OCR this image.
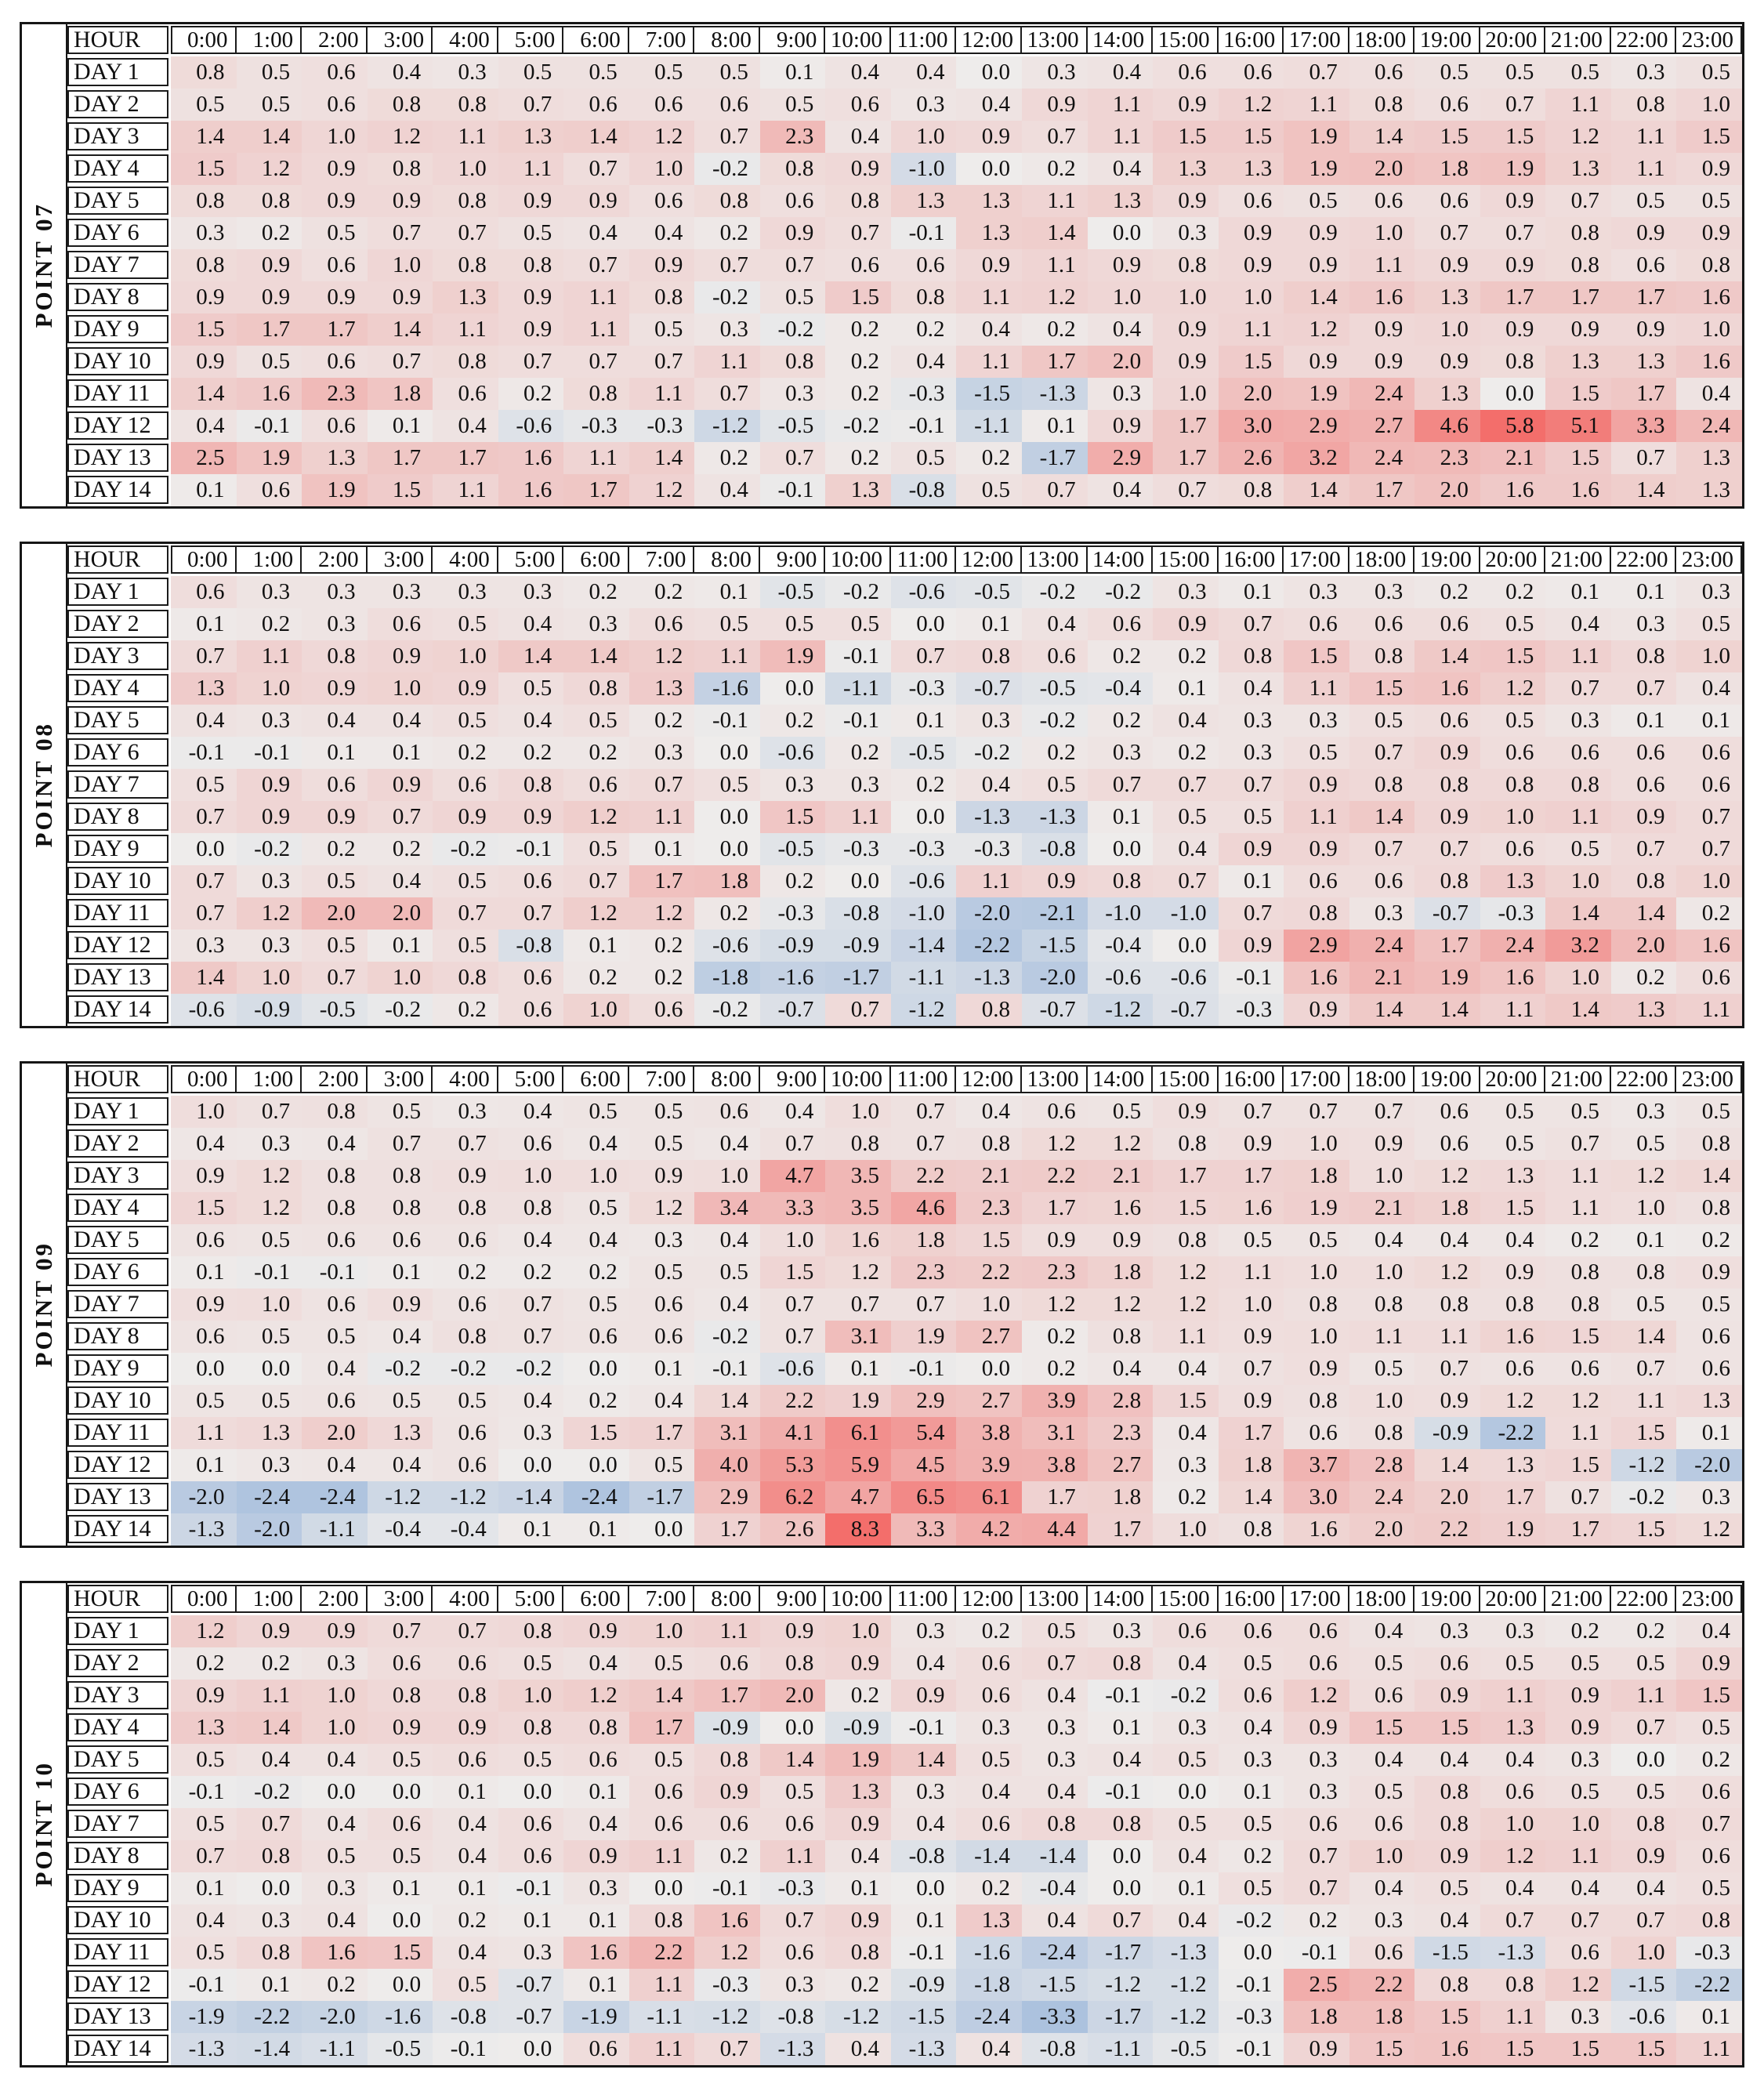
POINT 07
HOUR	0:00	1:00	2:00	3:00	4:00	5:00	6:00	7:00	8:00	9:00 10:00 11:00 12:00 13:00 14:00 15:00 16:00 17:00 18:00 19:00 20:00 21:00 22:00 23:00
DAY 1	0.8	0.5	0.6	0.4	0.3	0.5	0.5	0.5	0.5	0.1	0.4	0.4	0.0	0.3	0.4	0.6	0.6	0.7	0.6	0.5	0.5	0.5	0.3	0.5
DAY 2	0.5	0.5	0.6	0.8	0.8	0.7	0.6	0.6	0.6	0.5	0.6	0.3	0.4	0.9	1.1	0.9	1.2	1.1	0.8	0.6	0.7	1.1	0.8	1.0
DAY 3	1.4	1.4	1.0	1.2	1.1	1.3	1.4	1.2	0.7	2.3	0.4	1.0	0.9	0.7	1.1	1.5	1.5	1.9	1.4	1.5	1.5	1.2	1.1	1.5
DAY 4	1.5	1.2	0.9	0.8	1.0	1.1	0.7	1.0	-0.2	0.8	0.9	-1.0	0.0	0.2	0.4	1.3	1.3	1.9	2.0	1.8	1.9	1.3	1.1	0.9
DAY 5	0.8	0.8	0.9	0.9	0.8	0.9	0.9	0.6	0.8	0.6	0.8	1.3	1.3	1.1	1.3	0.9	0.6	0.5	0.6	0.6	0.9	0.7	0.5	0.5
DAY 6	0.3	0.2	0.5	0.7	0.7	0.5	0.4	0.4	0.2	0.9	0.7	-0.1	1.3	1.4	0.0	0.3	0.9	0.9	1.0	0.7	0.7	0.8	0.9	0.9
DAY 7	0.8	0.9	0.6	1.0	0.8	0.8	0.7	0.9	0.7	0.7	0.6	0.6	0.9	1.1	0.9	0.8	0.9	0.9	1.1	0.9	0.9	0.8	0.6	0.8
DAY 8	0.9	0.9	0.9	0.9	1.3	0.9	1.1	0.8	-0.2	0.5	1.5	0.8	1.1	1.2	1.0	1.0	1.0	1.4	1.6	1.3	1.7	1.7	1.7	1.6
DAY 9	1.5	1.7	1.7	1.4	1.1	0.9	1.1	0.5	0.3	-0.2	0.2	0.2	0.4	0.2	0.4	0.9	1.1	1.2	0.9	1.0	0.9	0.9	0.9	1.0
DAY 10	0.9	0.5	0.6	0.7	0.8	0.7	0.7	0.7	1.1	0.8	0.2	0.4	1.1	1.7	2.0	0.9	1.5	0.9	0.9	0.9	0.8	1.3	1.3	1.6
DAY 11	1.4	1.6	2.3	1.8	0.6	0.2	0.8	1.1	0.7	0.3	0.2	-0.3	-1.5	-1.3	0.3	1.0	2.0	1.9	2.4	1.3	0.0	1.5	1.7	0.4
DAY 12	0.4	-0.1	0.6	0.1	0.4	-0.6	-0.3	-0.3	-1.2	-0.5	-0.2	-0.1	-1.1	0.1	0.9	1.7	3.0	2.9	2.7	4.6	5.8	5.1	3.3	2.4
DAY 13	2.5	1.9	1.3	1.7	1.7	1.6	1.1	1.4	0.2	0.7	0.2	0.5	0.2	-1.7	2.9	1.7	2.6	3.2	2.4	2.3	2.1	1.5	0.7	1.3
DAY 14	0.1	0.6	1.9	1.5	1.1	1.6	1.7	1.2	0.4	-0.1	1.3	-0.8	0.5	0.7	0.4	0.7	0.8	1.4	1.7	2.0	1.6	1.6	1.4	1.3
POINT 08
HOUR	0:00	1:00	2:00	3:00	4:00	5:00	6:00	7:00	8:00	9:00 10:00 11:00 12:00 13:00 14:00 15:00 16:00 17:00 18:00 19:00 20:00 21:00 22:00 23:00
DAY 1	0.6	0.3	0.3	0.3	0.3	0.3	0.2	0.2	0.1	-0.5	-0.2	-0.6	-0.5	-0.2	-0.2	0.3	0.1	0.3	0.3	0.2	0.2	0.1	0.1	0.3
DAY 2	0.1	0.2	0.3	0.6	0.5	0.4	0.3	0.6	0.5	0.5	0.5	0.0	0.1	0.4	0.6	0.9	0.7	0.6	0.6	0.6	0.5	0.4	0.3	0.5
DAY 3	0.7	1.1	0.8	0.9	1.0	1.4	1.4	1.2	1.1	1.9	-0.1	0.7	0.8	0.6	0.2	0.2	0.8	1.5	0.8	1.4	1.5	1.1	0.8	1.0
DAY 4	1.3	1.0	0.9	1.0	0.9	0.5	0.8	1.3	-1.6	0.0	-1.1	-0.3	-0.7	-0.5	-0.4	0.1	0.4	1.1	1.5	1.6	1.2	0.7	0.7	0.4
DAY 5	0.4	0.3	0.4	0.4	0.5	0.4	0.5	0.2	-0.1	0.2	-0.1	0.1	0.3	-0.2	0.2	0.4	0.3	0.3	0.5	0.6	0.5	0.3	0.1	0.1
DAY 6	-0.1	-0.1	0.1	0.1	0.2	0.2	0.2	0.3	0.0	-0.6	0.2	-0.5	-0.2	0.2	0.3	0.2	0.3	0.5	0.7	0.9	0.6	0.6	0.6	0.6
DAY 7	0.5	0.9	0.6	0.9	0.6	0.8	0.6	0.7	0.5	0.3	0.3	0.2	0.4	0.5	0.7	0.7	0.7	0.9	0.8	0.8	0.8	0.8	0.6	0.6
DAY 8	0.7	0.9	0.9	0.7	0.9	0.9	1.2	1.1	0.0	1.5	1.1	0.0	-1.3	-1.3	0.1	0.5	0.5	1.1	1.4	0.9	1.0	1.1	0.9	0.7
DAY 9	0.0	-0.2	0.2	0.2	-0.2	-0.1	0.5	0.1	0.0	-0.5	-0.3	-0.3	-0.3	-0.8	0.0	0.4	0.9	0.9	0.7	0.7	0.6	0.5	0.7	0.7
DAY 10	0.7	0.3	0.5	0.4	0.5	0.6	0.7	1.7	1.8	0.2	0.0	-0.6	1.1	0.9	0.8	0.7	0.1	0.6	0.6	0.8	1.3	1.0	0.8	1.0
DAY 11	0.7	1.2	2.0	2.0	0.7	0.7	1.2	1.2	0.2	-0.3	-0.8	-1.0	-2.0	-2.1	-1.0	-1.0	0.7	0.8	0.3	-0.7	-0.3	1.4	1.4	0.2
DAY 12	0.3	0.3	0.5	0.1	0.5	-0.8	0.1	0.2	-0.6	-0.9	-0.9	-1.4	-2.2	-1.5	-0.4	0.0	0.9	2.9	2.4	1.7	2.4	3.2	2.0	1.6
DAY 13	1.4	1.0	0.7	1.0	0.8	0.6	0.2	0.2	-1.8	-1.6	-1.7	-1.1	-1.3	-2.0	-0.6	-0.6	-0.1	1.6	2.1	1.9	1.6	1.0	0.2	0.6
DAY 14	-0.6	-0.9	-0.5	-0.2	0.2	0.6	1.0	0.6	-0.2	-0.7	0.7	-1.2	0.8	-0.7	-1.2	-0.7	-0.3	0.9	1.4	1.4	1.1	1.4	1.3	1.1
POINT 09
HOUR	0:00	1:00	2:00	3:00	4:00	5:00	6:00	7:00	8:00	9:00 10:00 11:00 12:00 13:00 14:00 15:00 16:00 17:00 18:00 19:00 20:00 21:00 22:00 23:00
DAY 1	1.0	0.7	0.8	0.5	0.3	0.4	0.5	0.5	0.6	0.4	1.0	0.7	0.4	0.6	0.5	0.9	0.7	0.7	0.7	0.6	0.5	0.5	0.3	0.5
DAY 2	0.4	0.3	0.4	0.7	0.7	0.6	0.4	0.5	0.4	0.7	0.8	0.7	0.8	1.2	1.2	0.8	0.9	1.0	0.9	0.6	0.5	0.7	0.5	0.8
DAY 3	0.9	1.2	0.8	0.8	0.9	1.0	1.0	0.9	1.0	4.7	3.5	2.2	2.1	2.2	2.1	1.7	1.7	1.8	1.0	1.2	1.3	1.1	1.2	1.4
DAY 4	1.5	1.2	0.8	0.8	0.8	0.8	0.5	1.2	3.4	3.3	3.5	4.6	2.3	1.7	1.6	1.5	1.6	1.9	2.1	1.8	1.5	1.1	1.0	0.8
DAY 5	0.6	0.5	0.6	0.6	0.6	0.4	0.4	0.3	0.4	1.0	1.6	1.8	1.5	0.9	0.9	0.8	0.5	0.5	0.4	0.4	0.4	0.2	0.1	0.2
DAY 6	0.1	-0.1	-0.1	0.1	0.2	0.2	0.2	0.5	0.5	1.5	1.2	2.3	2.2	2.3	1.8	1.2	1.1	1.0	1.0	1.2	0.9	0.8	0.8	0.9
DAY 7	0.9	1.0	0.6	0.9	0.6	0.7	0.5	0.6	0.4	0.7	0.7	0.7	1.0	1.2	1.2	1.2	1.0	0.8	0.8	0.8	0.8	0.8	0.5	0.5
DAY 8	0.6	0.5	0.5	0.4	0.8	0.7	0.6	0.6	-0.2	0.7	3.1	1.9	2.7	0.2	0.8	1.1	0.9	1.0	1.1	1.1	1.6	1.5	1.4	0.6
DAY 9	0.0	0.0	0.4	-0.2	-0.2	-0.2	0.0	0.1	-0.1	-0.6	0.1	-0.1	0.0	0.2	0.4	0.4	0.7	0.9	0.5	0.7	0.6	0.6	0.7	0.6
DAY 10	0.5	0.5	0.6	0.5	0.5	0.4	0.2	0.4	1.4	2.2	1.9	2.9	2.7	3.9	2.8	1.5	0.9	0.8	1.0	0.9	1.2	1.2	1.1	1.3
DAY 11	1.1	1.3	2.0	1.3	0.6	0.3	1.5	1.7	3.1	4.1	6.1	5.4	3.8	3.1	2.3	0.4	1.7	0.6	0.8	-0.9	-2.2	1.1	1.5	0.1
DAY 12	0.1	0.3	0.4	0.4	0.6	0.0	0.0	0.5	4.0	5.3	5.9	4.5	3.9	3.8	2.7	0.3	1.8	3.7	2.8	1.4	1.3	1.5	-1.2	-2.0
DAY 13	-2.0	-2.4	-2.4	-1.2	-1.2	-1.4	-2.4	-1.7	2.9	6.2	4.7	6.5	6.1	1.7	1.8	0.2	1.4	3.0	2.4	2.0	1.7	0.7	-0.2	0.3
DAY 14	-1.3	-2.0	-1.1	-0.4	-0.4	0.1	0.1	0.0	1.7	2.6	8.3	3.3	4.2	4.4	1.7	1.0	0.8	1.6	2.0	2.2	1.9	1.7	1.5	1.2
POINT 10
HOUR	0:00	1:00	2:00	3:00	4:00	5:00	6:00	7:00	8:00	9:00 10:00 11:00 12:00 13:00 14:00 15:00 16:00 17:00 18:00 19:00 20:00 21:00 22:00 23:00
DAY 1	1.2	0.9	0.9	0.7	0.7	0.8	0.9	1.0	1.1	0.9	1.0	0.3	0.2	0.5	0.3	0.6	0.6	0.6	0.4	0.3	0.3	0.2	0.2	0.4
DAY 2	0.2	0.2	0.3	0.6	0.6	0.5	0.4	0.5	0.6	0.8	0.9	0.4	0.6	0.7	0.8	0.4	0.5	0.6	0.5	0.6	0.5	0.5	0.5	0.9
DAY 3	0.9	1.1	1.0	0.8	0.8	1.0	1.2	1.4	1.7	2.0	0.2	0.9	0.6	0.4	-0.1	-0.2	0.6	1.2	0.6	0.9	1.1	0.9	1.1	1.5
DAY 4	1.3	1.4	1.0	0.9	0.9	0.8	0.8	1.7	-0.9	0.0	-0.9	-0.1	0.3	0.3	0.1	0.3	0.4	0.9	1.5	1.5	1.3	0.9	0.7	0.5
DAY 5	0.5	0.4	0.4	0.5	0.6	0.5	0.6	0.5	0.8	1.4	1.9	1.4	0.5	0.3	0.4	0.5	0.3	0.3	0.4	0.4	0.4	0.3	0.0	0.2
DAY 6	-0.1	-0.2	0.0	0.0	0.1	0.0	0.1	0.6	0.9	0.5	1.3	0.3	0.4	0.4	-0.1	0.0	0.1	0.3	0.5	0.8	0.6	0.5	0.5	0.6
DAY 7	0.5	0.7	0.4	0.6	0.4	0.6	0.4	0.6	0.6	0.6	0.9	0.4	0.6	0.8	0.8	0.5	0.5	0.6	0.6	0.8	1.0	1.0	0.8	0.7
DAY 8	0.7	0.8	0.5	0.5	0.4	0.6	0.9	1.1	0.2	1.1	0.4	-0.8	-1.4	-1.4	0.0	0.4	0.2	0.7	1.0	0.9	1.2	1.1	0.9	0.6
DAY 9	0.1	0.0	0.3	0.1	0.1	-0.1	0.3	0.0	-0.1	-0.3	0.1	0.0	0.2	-0.4	0.0	0.1	0.5	0.7	0.4	0.5	0.4	0.4	0.4	0.5
DAY 10	0.4	0.3	0.4	0.0	0.2	0.1	0.1	0.8	1.6	0.7	0.9	0.1	1.3	0.4	0.7	0.4	-0.2	0.2	0.3	0.4	0.7	0.7	0.7	0.8
DAY 11	0.5	0.8	1.6	1.5	0.4	0.3	1.6	2.2	1.2	0.6	0.8	-0.1	-1.6	-2.4	-1.7	-1.3	0.0	-0.1	0.6	-1.5	-1.3	0.6	1.0	-0.3
DAY 12	-0.1	0.1	0.2	0.0	0.5	-0.7	0.1	1.1	-0.3	0.3	0.2	-0.9	-1.8	-1.5	-1.2	-1.2	-0.1	2.5	2.2	0.8	0.8	1.2	-1.5	-2.2
DAY 13	-1.9	-2.2	-2.0	-1.6	-0.8	-0.7	-1.9	-1.1	-1.2	-0.8	-1.2	-1.5	-2.4	-3.3	-1.7	-1.2	-0.3	1.8	1.8	1.5	1.1	0.3	-0.6	0.1
DAY 14	-1.3	-1.4	-1.1	-0.5	-0.1	0.0	0.6	1.1	0.7	-1.3	0.4	-1.3	0.4	-0.8	-1.1	-0.5	-0.1	0.9	1.5	1.6	1.5	1.5	1.5	1.1
